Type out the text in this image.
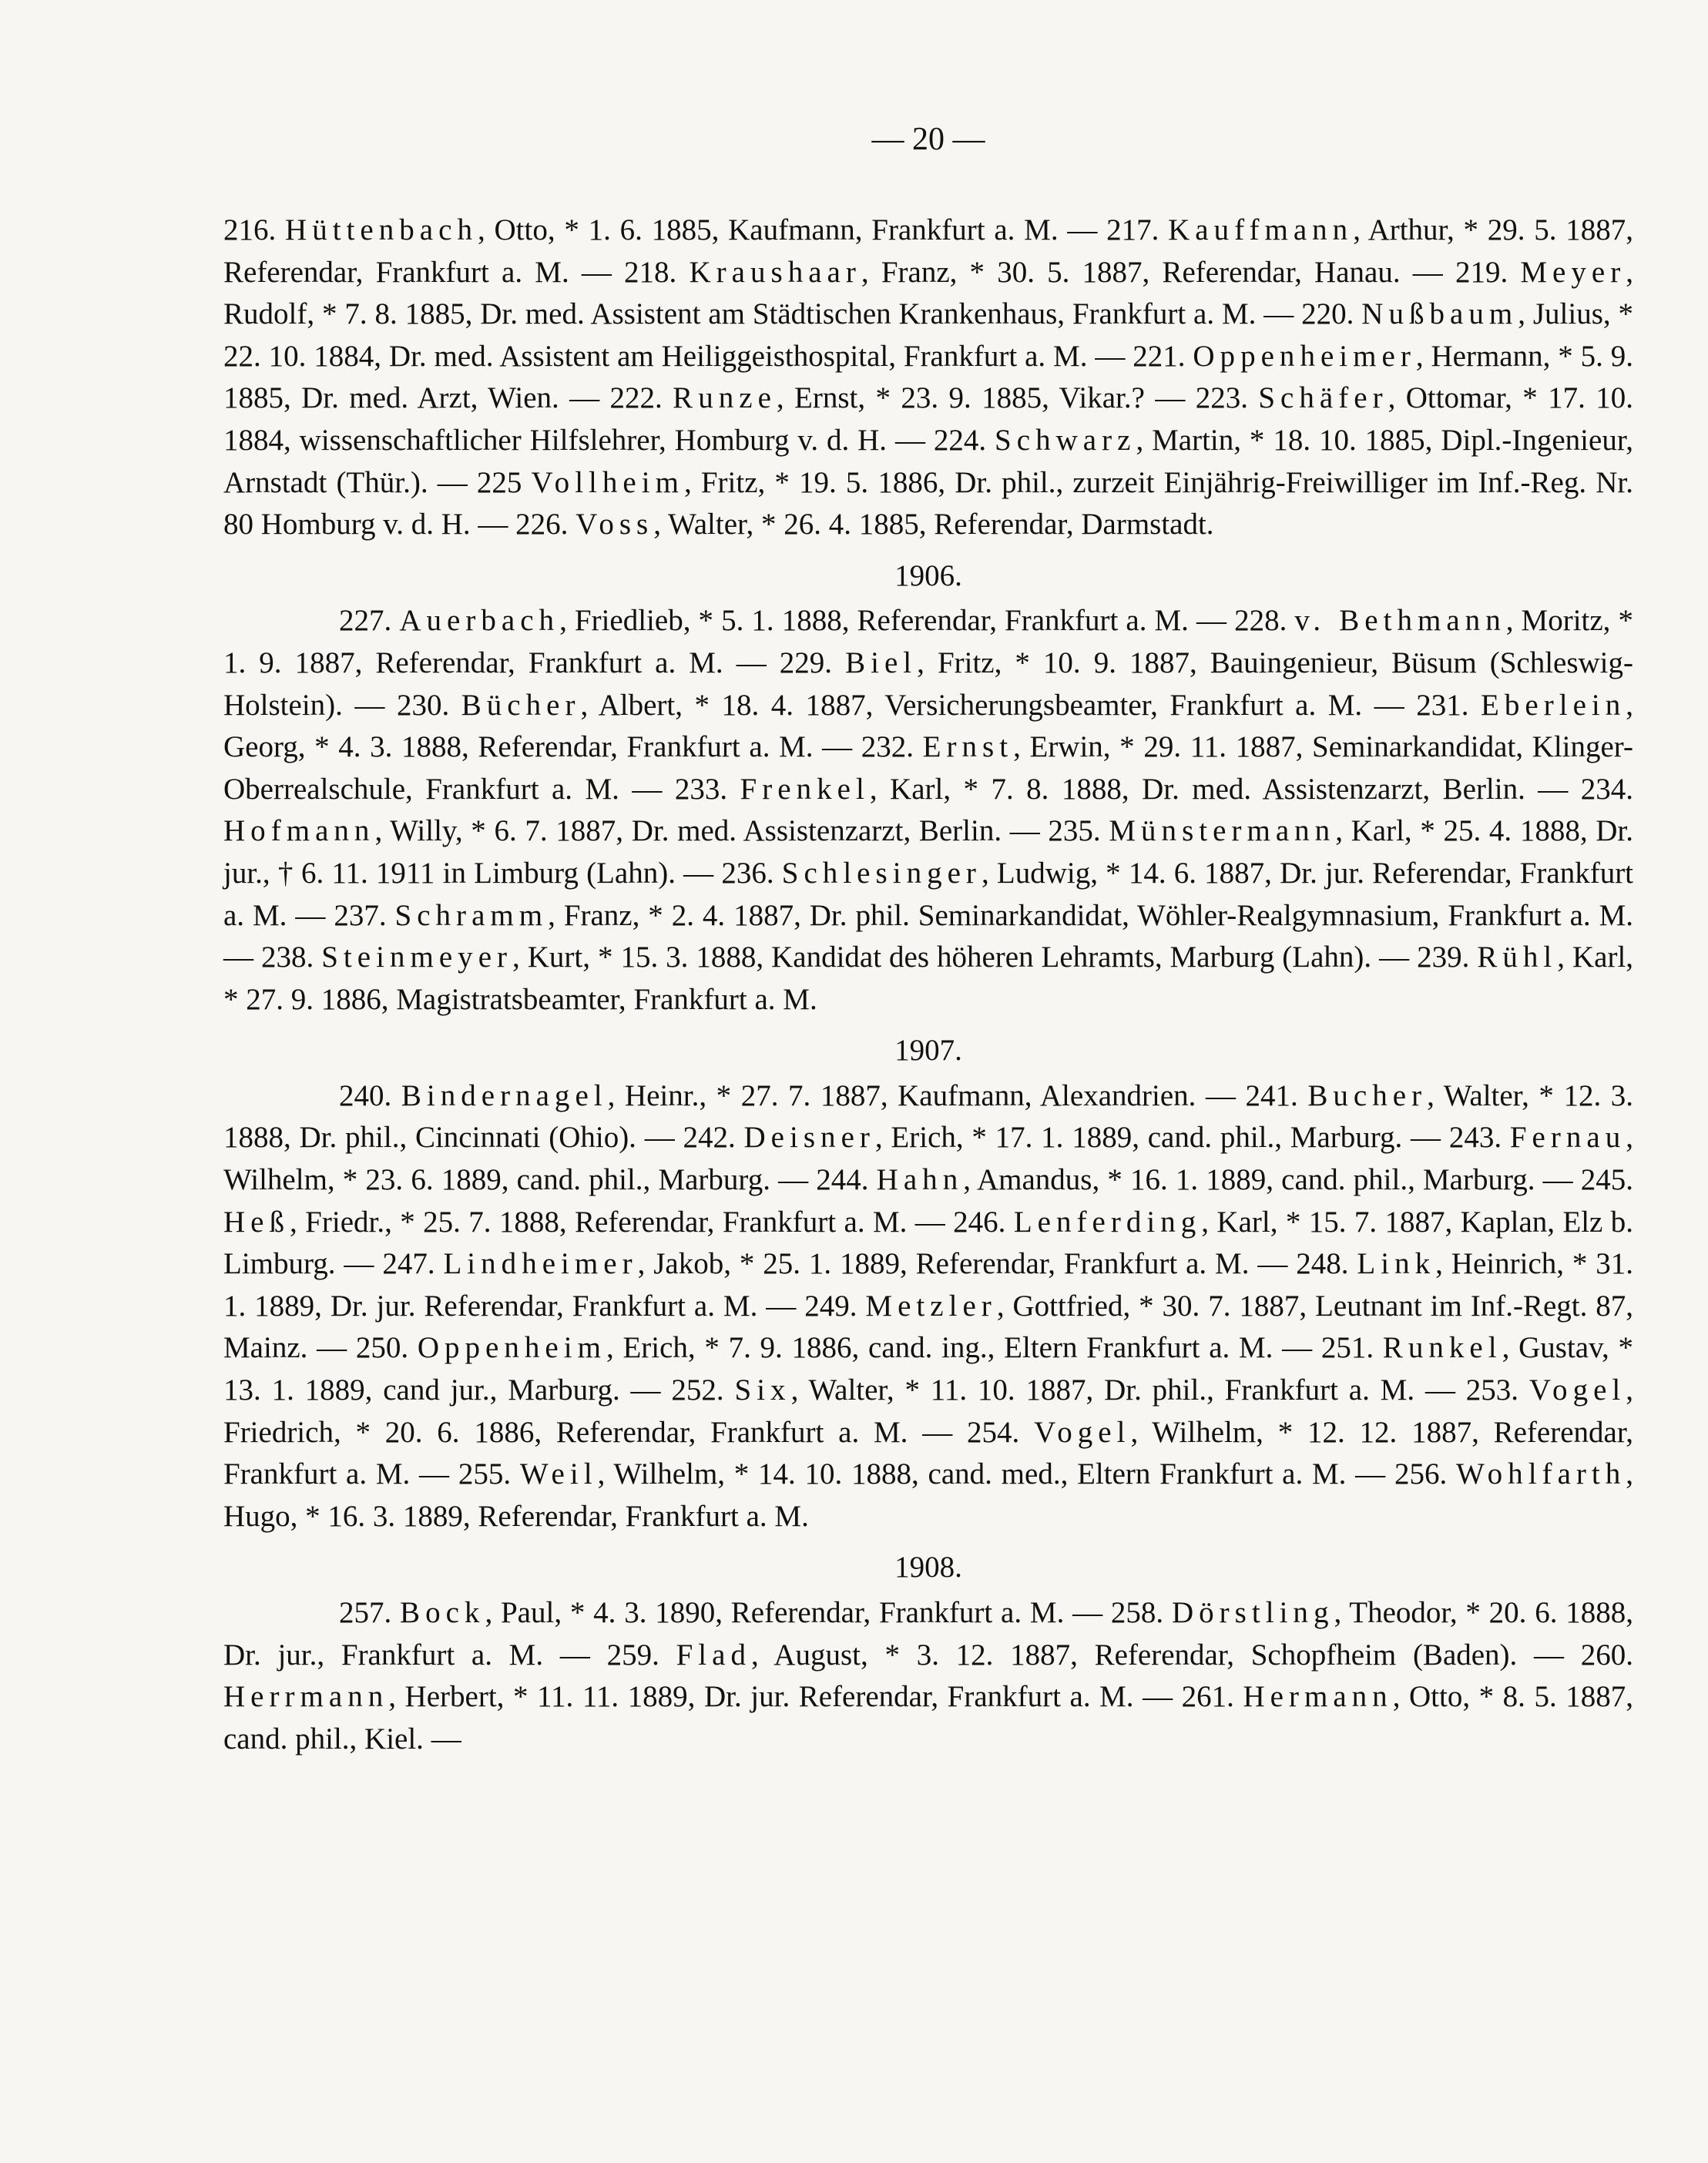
— 20 —

216. Hüttenbach, Otto, * 1. 6. 1885, Kaufmann, Frankfurt a. M. — 217. Kauffmann, Arthur, * 29. 5. 1887, Referendar, Frankfurt a. M. — 218. Kraushaar, Franz, * 30. 5. 1887, Referendar, Hanau. — 219. Meyer, Rudolf, * 7. 8. 1885, Dr. med. Assistent am Städtischen Krankenhaus, Frankfurt a. M. — 220. Nußbaum, Julius, * 22. 10. 1884, Dr. med. Assistent am Heiliggeisthospital, Frankfurt a. M. — 221. Oppenheimer, Hermann, * 5. 9. 1885, Dr. med. Arzt, Wien. — 222. Runze, Ernst, * 23. 9. 1885, Vikar.? — 223. Schäfer, Ottomar, * 17. 10. 1884, wissenschaftlicher Hilfslehrer, Homburg v. d. H. — 224. Schwarz, Martin, * 18. 10. 1885, Dipl.-Ingenieur, Arnstadt (Thür.). — 225 Vollheim, Fritz, * 19. 5. 1886, Dr. phil., zurzeit Einjährig-Freiwilliger im Inf.-Reg. Nr. 80 Homburg v. d. H. — 226. Voss, Walter, * 26. 4. 1885, Referendar, Darmstadt.

1906.

227. Auerbach, Friedlieb, * 5. 1. 1888, Referendar, Frankfurt a. M. — 228. v. Bethmann, Moritz, * 1. 9. 1887, Referendar, Frankfurt a. M. — 229. Biel, Fritz, * 10. 9. 1887, Bauingenieur, Büsum (Schleswig-Holstein). — 230. Bücher, Albert, * 18. 4. 1887, Versicherungsbeamter, Frankfurt a. M. — 231. Eberlein, Georg, * 4. 3. 1888, Referendar, Frankfurt a. M. — 232. Ernst, Erwin, * 29. 11. 1887, Seminarkandidat, Klinger-Oberrealschule, Frankfurt a. M. — 233. Frenkel, Karl, * 7. 8. 1888, Dr. med. Assistenzarzt, Berlin. — 234. Hofmann, Willy, * 6. 7. 1887, Dr. med. Assistenzarzt, Berlin. — 235. Münstermann, Karl, * 25. 4. 1888, Dr. jur., † 6. 11. 1911 in Limburg (Lahn). — 236. Schlesinger, Ludwig, * 14. 6. 1887, Dr. jur. Referendar, Frankfurt a. M. — 237. Schramm, Franz, * 2. 4. 1887, Dr. phil. Seminarkandidat, Wöhler-Realgymnasium, Frankfurt a. M. — 238. Steinmeyer, Kurt, * 15. 3. 1888, Kandidat des höheren Lehramts, Marburg (Lahn). — 239. Rühl, Karl, * 27. 9. 1886, Magistratsbeamter, Frankfurt a. M.

1907.

240. Bindernagel, Heinr., * 27. 7. 1887, Kaufmann, Alexandrien. — 241. Bucher, Walter, * 12. 3. 1888, Dr. phil., Cincinnati (Ohio). — 242. Deisner, Erich, * 17. 1. 1889, cand. phil., Marburg. — 243. Fernau, Wilhelm, * 23. 6. 1889, cand. phil., Marburg. — 244. Hahn, Amandus, * 16. 1. 1889, cand. phil., Marburg. — 245. Heß, Friedr., * 25. 7. 1888, Referendar, Frankfurt a. M. — 246. Lenferding, Karl, * 15. 7. 1887, Kaplan, Elz b. Limburg. — 247. Lindheimer, Jakob, * 25. 1. 1889, Referendar, Frankfurt a. M. — 248. Link, Heinrich, * 31. 1. 1889, Dr. jur. Referendar, Frankfurt a. M. — 249. Metzler, Gottfried, * 30. 7. 1887, Leutnant im Inf.-Regt. 87, Mainz. — 250. Oppenheim, Erich, * 7. 9. 1886, cand. ing., Eltern Frankfurt a. M. — 251. Runkel, Gustav, * 13. 1. 1889, cand jur., Marburg. — 252. Six, Walter, * 11. 10. 1887, Dr. phil., Frankfurt a. M. — 253. Vogel, Friedrich, * 20. 6. 1886, Referendar, Frankfurt a. M. — 254. Vogel, Wilhelm, * 12. 12. 1887, Referendar, Frankfurt a. M. — 255. Weil, Wilhelm, * 14. 10. 1888, cand. med., Eltern Frankfurt a. M. — 256. Wohlfarth, Hugo, * 16. 3. 1889, Referendar, Frankfurt a. M.

1908.

257. Bock, Paul, * 4. 3. 1890, Referendar, Frankfurt a. M. — 258. Dörstling, Theodor, * 20. 6. 1888, Dr. jur., Frankfurt a. M. — 259. Flad, August, * 3. 12. 1887, Referendar, Schopfheim (Baden). — 260. Herrmann, Herbert, * 11. 11. 1889, Dr. jur. Referendar, Frankfurt a. M. — 261. Hermann, Otto, * 8. 5. 1887, cand. phil., Kiel. —
